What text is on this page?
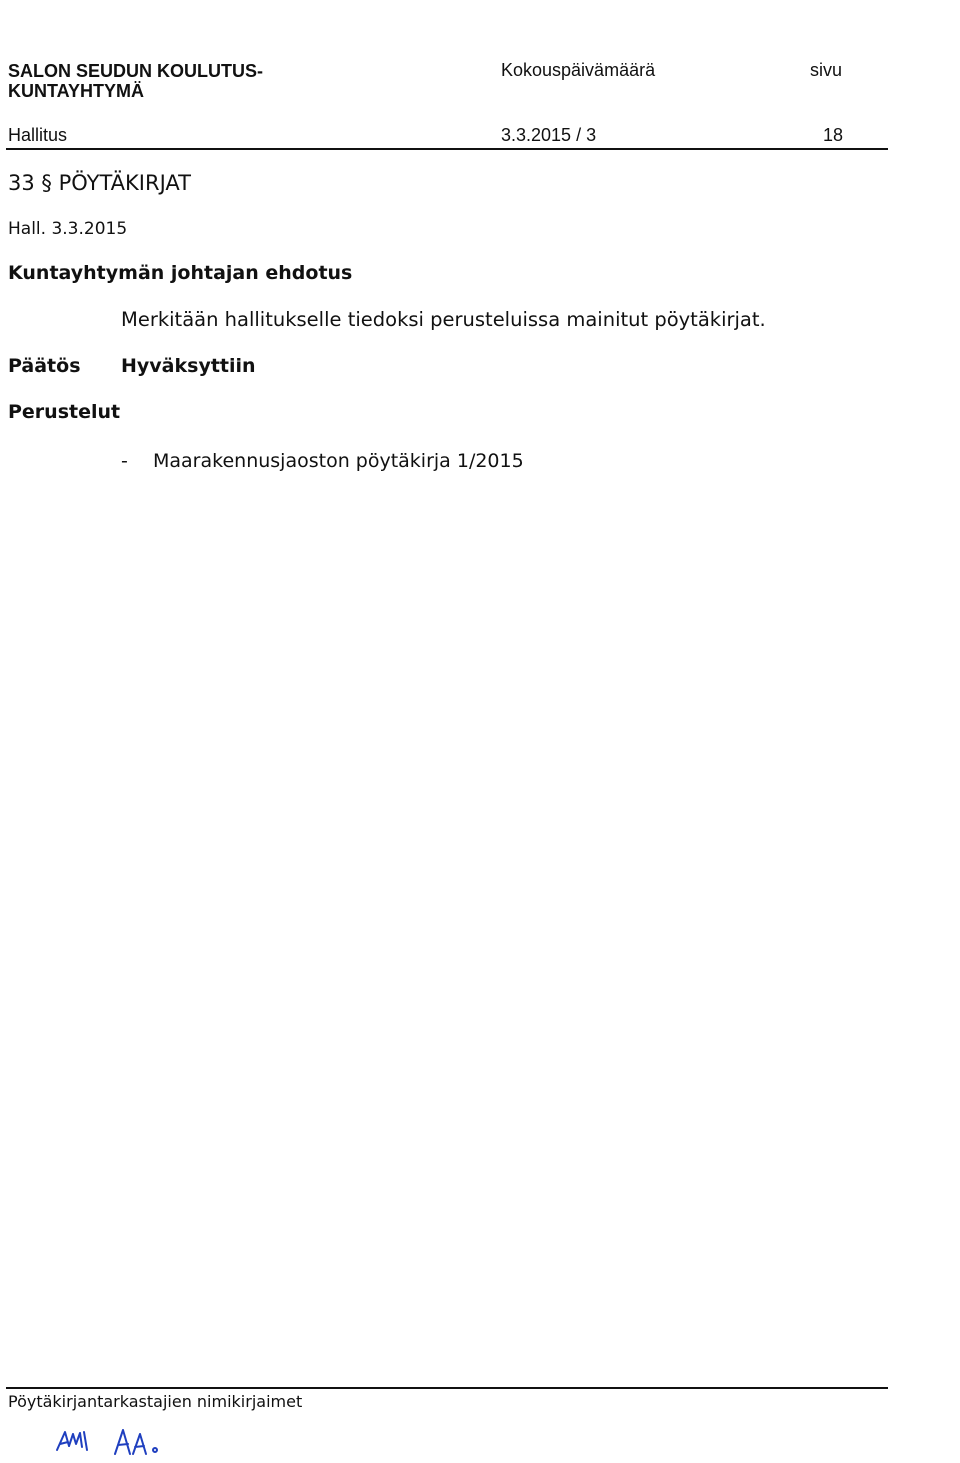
SALON SEUDUN KOULUTUS-
KUNTAYHTYMÄ
Kokouspäivämäärä	sivu
Hallitus	3.3.2015 / 3	18
33 § PÖYTÄKIRJAT
Hall. 3.3.2015
Kuntayhtymän johtajan ehdotus
Merkitään hallitukselle tiedoksi perusteluissa mainitut pöytäkirjat.
Päätös Hyväksyttiin
Perustelut
- Maarakennusjaoston pöytäkirja 1/2015
Pöytäkirjantarkastajien nimikirjaimet
